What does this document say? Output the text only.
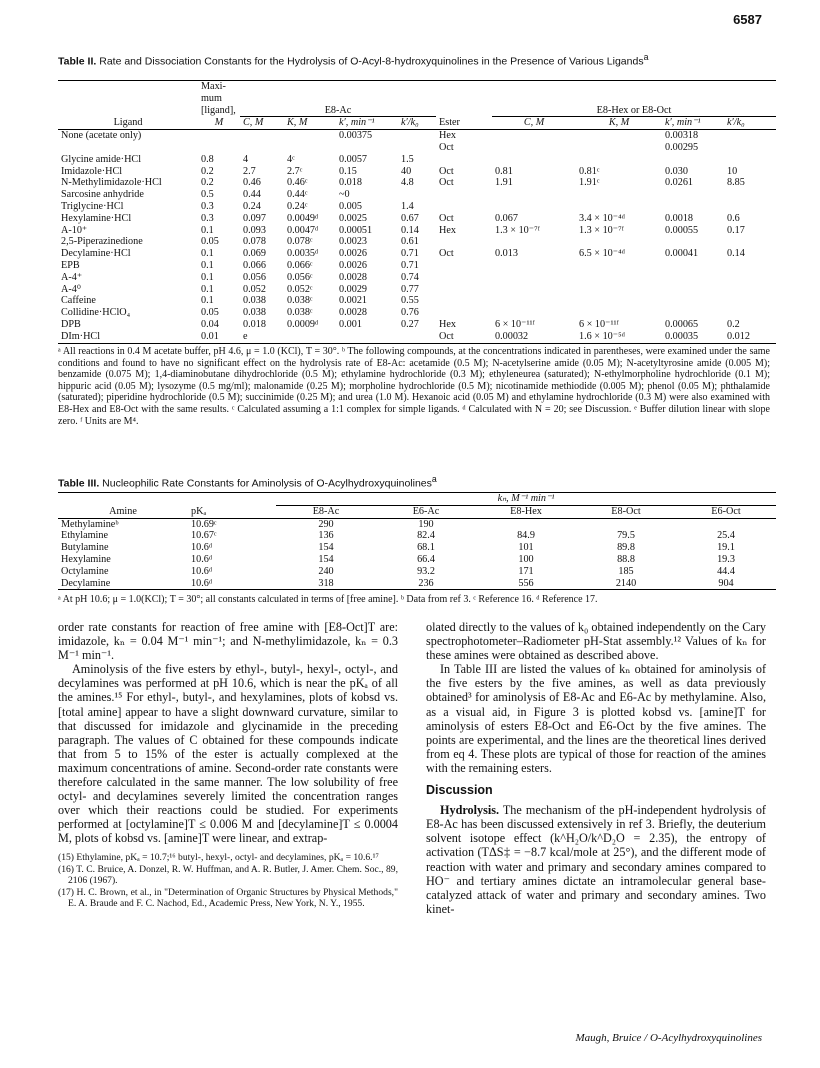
6587
Table II. Rate and Dissociation Constants for the Hydrolysis of O-Acyl-8-hydroxyquinolines in the Presence of Various Ligands$^a$
	Maxi-									
	mum									
	[ligand],	E8-Ac					E8-Hex or E8-Oct			
Ligand	M	C, M	K, M	k′, min⁻¹	k′/k₀	Ester	C, M	K, M	k′, min⁻¹	k′/k₀
None (acetate only)				0.00375		Hex			0.00318	
						Oct			0.00295	
Glycine amide·HCl	0.8	4	4ᶜ	0.0057	1.5					
Imidazole·HCl	0.2	2.7	2.7ᶜ	0.15	40	Oct	0.81	0.81ᶜ	0.030	10
N-Methylimidazole·HCl	0.2	0.46	0.46ᶜ	0.018	4.8	Oct	1.91	1.91ᶜ	0.0261	8.85
Sarcosine anhydride	0.5	0.44	0.44ᶜ	~0						
Triglycine·HCl	0.3	0.24	0.24ᶜ	0.005	1.4					
Hexylamine·HCl	0.3	0.097	0.0049ᵈ	0.0025	0.67	Oct	0.067	3.4 × 10⁻⁴ᵈ	0.0018	0.6
A-10⁺	0.1	0.093	0.0047ᵈ	0.00051	0.14	Hex	1.3 × 10⁻⁷ᶠ	1.3 × 10⁻⁷ᶠ	0.00055	0.17
2,5-Piperazinedione	0.05	0.078	0.078ᶜ	0.0023	0.61					
Decylamine·HCl	0.1	0.069	0.0035ᵈ	0.0026	0.71	Oct	0.013	6.5 × 10⁻⁴ᵈ	0.00041	0.14
EPB	0.1	0.066	0.066ᶜ	0.0026	0.71					
A-4⁺	0.1	0.056	0.056ᶜ	0.0028	0.74					
A-4⁰	0.1	0.052	0.052ᶜ	0.0029	0.77					
Caffeine	0.1	0.038	0.038ᶜ	0.0021	0.55					
Collidine·HClO₄	0.05	0.038	0.038ᶜ	0.0028	0.76					
DPB	0.04	0.018	0.0009ᵈ	0.001	0.27	Hex	6 × 10⁻¹¹ᶠ	6 × 10⁻¹¹ᶠ	0.00065	0.2
DIm·HCl	0.01	e				Oct	0.00032	1.6 × 10⁻⁵ᵈ	0.00035	0.012
ᵃ All reactions in 0.4 M acetate buffer, pH 4.6, μ = 1.0 (KCl), T = 30°. ᵇ The following compounds, at the concentrations indicated in parentheses, were examined under the same conditions and found to have no significant effect on the hydrolysis rate of E8-Ac: acetamide (0.5 M); N-acetylserine amide (0.05 M); N-acetyltyrosine amide (0.005 M); benzamide (0.075 M); 1,4-diaminobutane dihydrochloride (0.5 M); ethylamine hydrochloride (0.3 M); ethyleneurea (saturated); N-ethylmorpholine hydrochloride (0.1 M); hippuric acid (0.05 M); lysozyme (0.5 mg/ml); malonamide (0.25 M); morpholine hydrochloride (0.5 M); nicotinamide methiodide (0.005 M); phenol (0.05 M); phthalamide (saturated); piperidine hydrochloride (0.5 M); succinimide (0.25 M); and urea (1.0 M). Hexanoic acid (0.05 M) and ethylamine hydrochloride (0.3 M) were also examined with E8-Hex and E8-Oct with the same results. ᶜ Calculated assuming a 1:1 complex for simple ligands. ᵈ Calculated with N = 20; see Discussion. ᵉ Buffer dilution linear with slope zero. ᶠ Units are M⁴.
Table III. Nucleophilic Rate Constants for Aminolysis of O-Acylhydroxyquinolines$^a$
		kₙ, M⁻¹ min⁻¹				
Amine	pKₐ	E8-Ac	E6-Ac	E8-Hex	E8-Oct	E6-Oct
Methylamineᵇ	10.69ᶜ	290	190			
Ethylamine	10.67ᶜ	136	82.4	84.9	79.5	25.4
Butylamine	10.6ᵈ	154	68.1	101	89.8	19.1
Hexylamine	10.6ᵈ	154	66.4	100	88.8	19.3
Octylamine	10.6ᵈ	240	93.2	171	185	44.4
Decylamine	10.6ᵈ	318	236	556	2140	904
ᵃ At pH 10.6; μ = 1.0(KCl); T = 30°; all constants calculated in terms of [free amine]. ᵇ Data from ref 3. ᶜ Reference 16. ᵈ Reference 17.

order rate constants for reaction of free amine with [E8-Oct]T are: imidazole, kₙ = 0.04 M⁻¹ min⁻¹; and N-methylimidazole, kₙ = 0.3 M⁻¹ min⁻¹.

Aminolysis of the five esters by ethyl-, butyl-, hexyl-, octyl-, and decylamines was performed at pH 10.6, which is near the pKₐ of all the amines.¹⁵ For ethyl-, butyl-, and hexylamines, plots of kobsd vs. [total amine] appear to have a slight downward curvature, similar to that discussed for imidazole and glycinamide in the preceding paragraph. The values of C obtained for these compounds indicate that from 5 to 15% of the ester is actually complexed at the maximum concentrations of amine. Second-order rate constants were therefore calculated in the same manner. The low solubility of free octyl- and decylamines severely limited the concentration ranges over which their reactions could be studied. For experiments performed at [octylamine]T ≤ 0.006 M and [decylamine]T ≤ 0.0004 M, plots of kobsd vs. [amine]T were linear, and extrap-

(15) Ethylamine, pKₐ = 10.7;¹⁶ butyl-, hexyl-, octyl- and decylamines, pKₐ = 10.6.¹⁷

(16) T. C. Bruice, A. Donzel, R. W. Huffman, and A. R. Butler, J. Amer. Chem. Soc., 89, 2106 (1967).

(17) H. C. Brown, et al., in "Determination of Organic Structures by Physical Methods," E. A. Braude and F. C. Nachod, Ed., Academic Press, New York, N. Y., 1955.

olated directly to the values of k₀ obtained independently on the Cary spectrophotometer–Radiometer pH-Stat assembly.¹² Values of kₙ for these amines were obtained as described above.

In Table III are listed the values of kₙ obtained for aminolysis of the five esters by the five amines, as well as data previously obtained³ for aminolysis of E8-Ac and E6-Ac by methylamine. Also, as a visual aid, in Figure 3 is plotted kobsd vs. [amine]T for aminolysis of esters E8-Oct and E6-Oct by the five amines. The points are experimental, and the lines are the theoretical lines derived from eq 4. These plots are typical of those for reaction of the amines with the remaining esters.

Discussion

Hydrolysis. The mechanism of the pH-independent hydrolysis of E8-Ac has been discussed extensively in ref 3. Briefly, the deuterium solvent isotope effect (k^H₂O/k^D₂O = 2.35), the entropy of activation (TΔS‡ = −8.7 kcal/mole at 25°), and the different mode of reaction with water and primary and secondary amines compared to HO⁻ and tertiary amines dictate an intramolecular general base-catalyzed attack of water and primary and secondary amines. Two kinet-

Maugh, Bruice / O-Acylhydroxyquinolines
